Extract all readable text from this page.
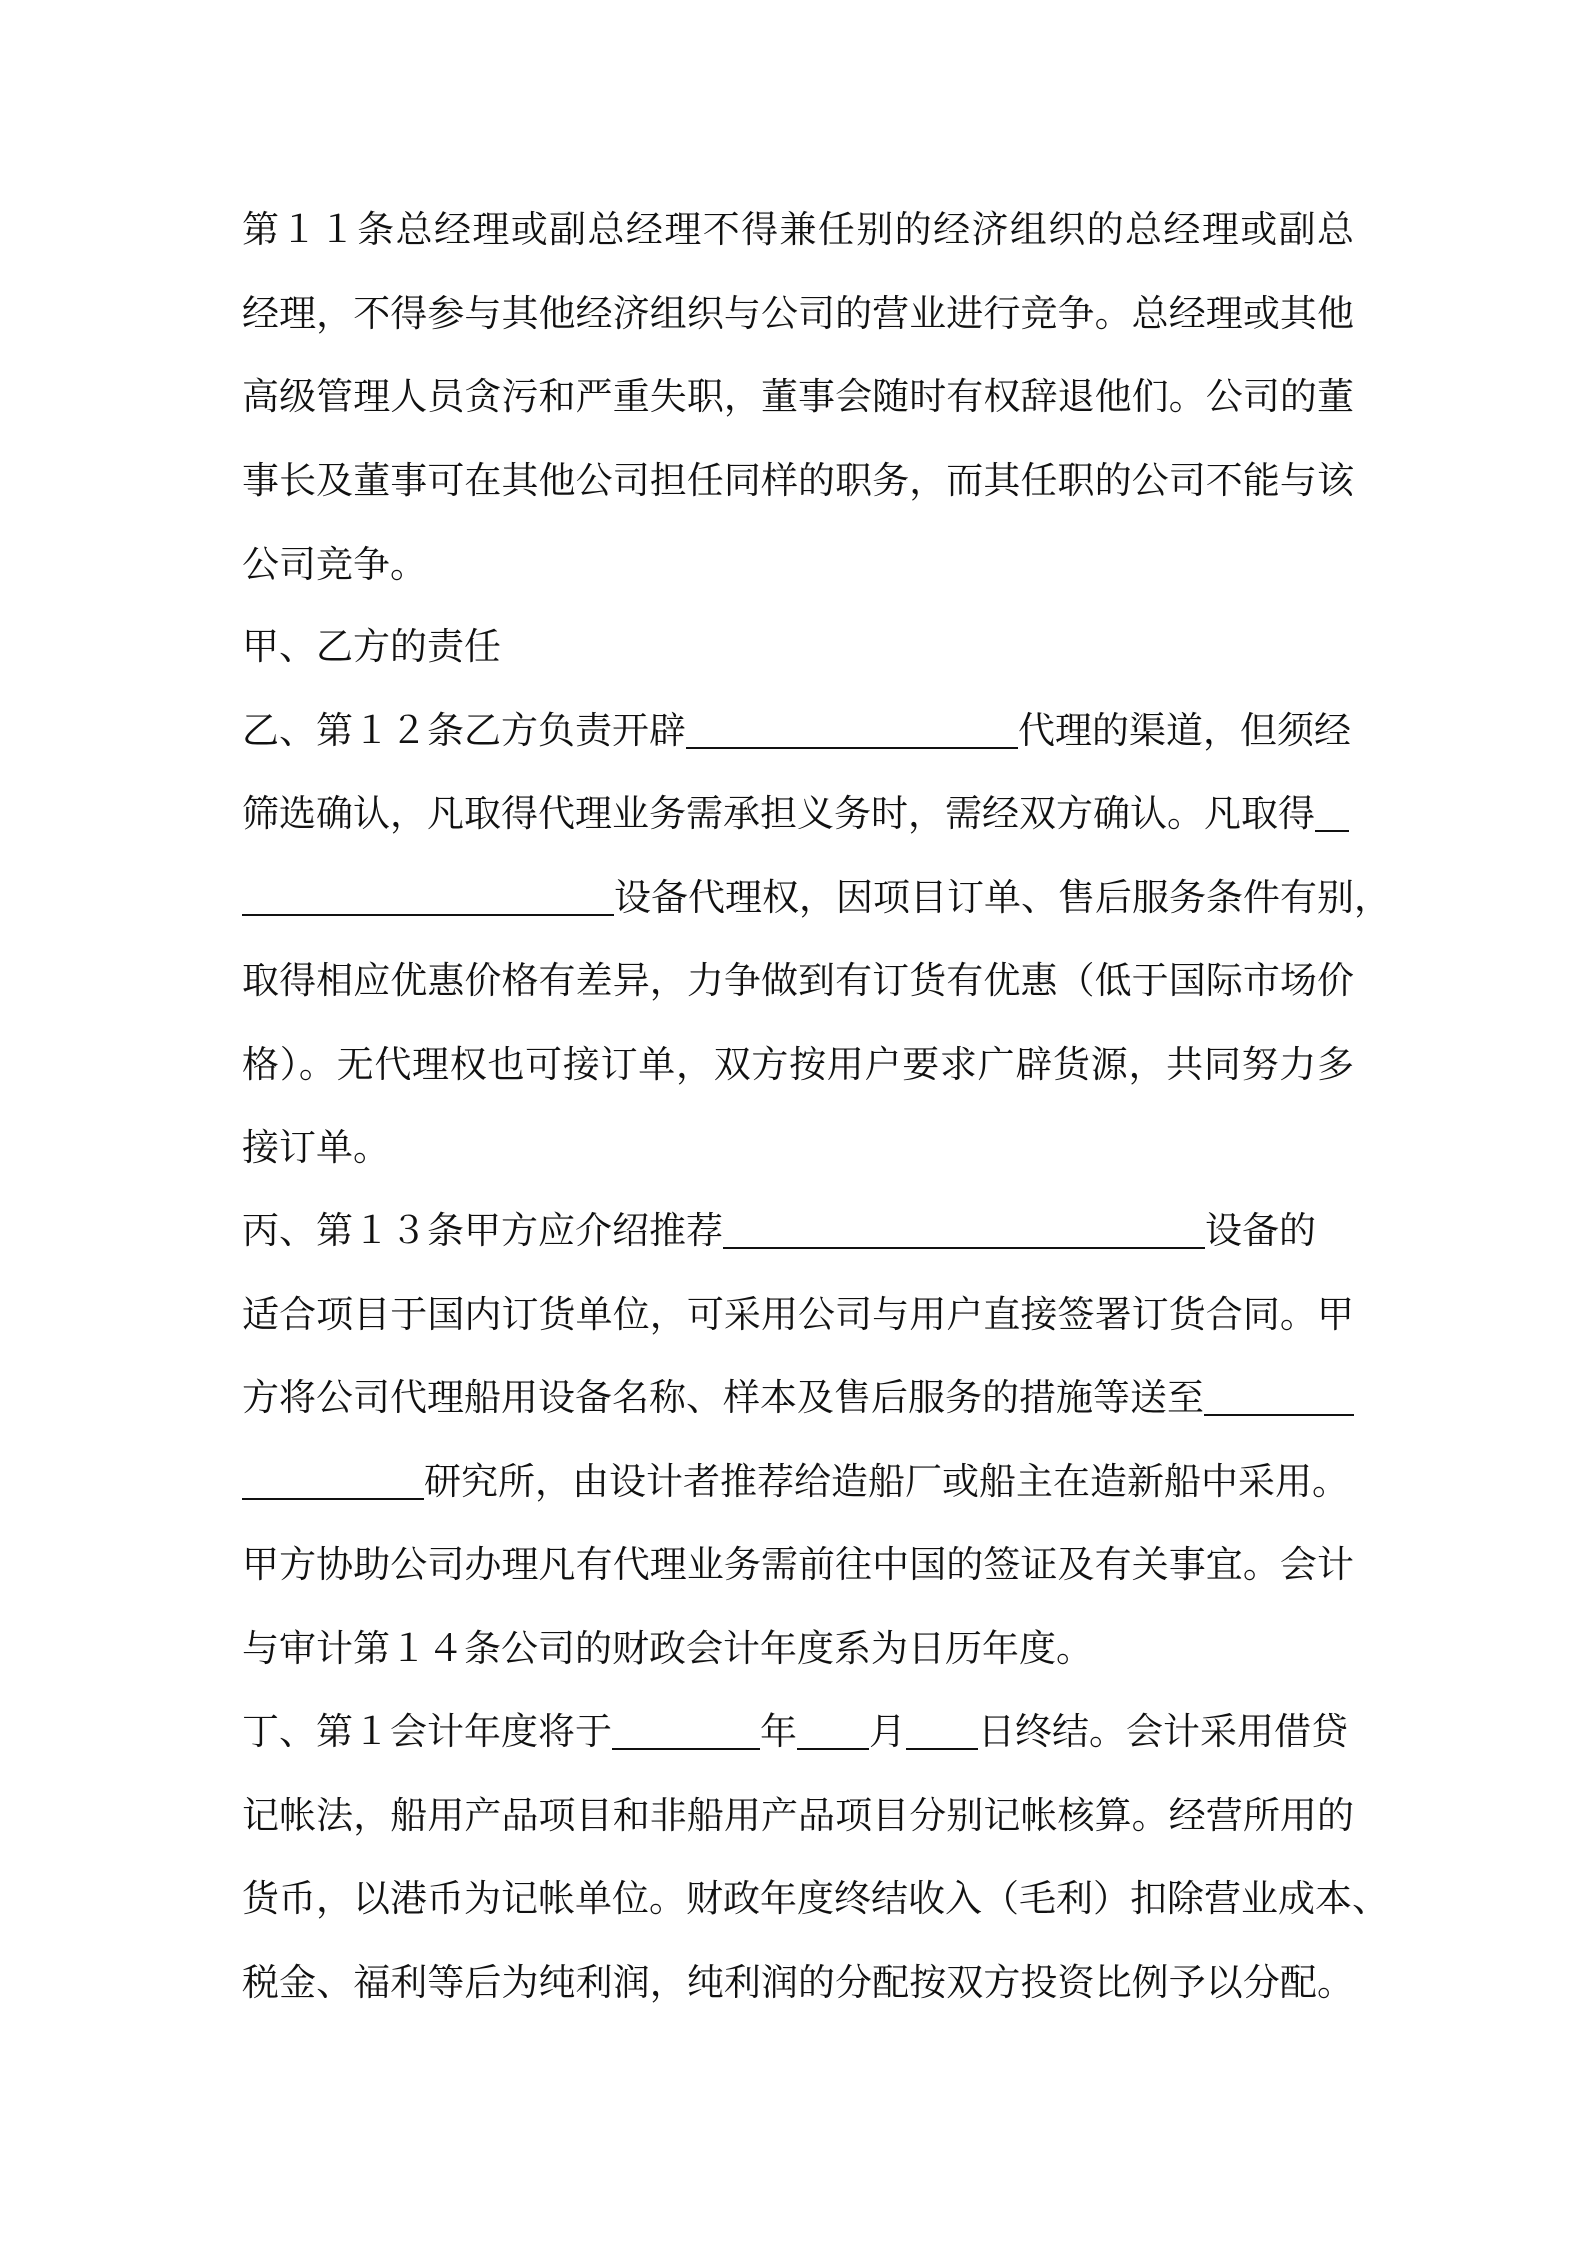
第１１条总经理或副总经理不得兼任别的经济组织的总经理或副总
经理，不得参与其他经济组织与公司的营业进行竞争。总经理或其他
高级管理人员贪污和严重失职，董事会随时有权辞退他们。公司的董
事长及董事可在其他公司担任同样的职务，而其任职的公司不能与该
公司竞争。
甲、乙方的责任
乙、第１２条乙方负责开辟	代理的渠道，但须经
筛选确认，凡取得代理业务需承担义务时，需经双方确认。凡取得
设备代理权，因项目订单、售后服务条件有别，
取得相应优惠价格有差异，力争做到有订货有优惠（低于国际市场价
格）。无代理权也可接订单，双方按用户要求广辟货源，共同努力多
接订单。
丙、第１３条甲方应介绍推荐	设备的
适合项目于国内订货单位，可采用公司与用户直接签署订货合同。甲
方将公司代理船用设备名称、样本及售后服务的措施等送至
研究所，由设计者推荐给造船厂或船主在造新船中采用。
甲方协助公司办理凡有代理业务需前往中国的签证及有关事宜。会计
与审计第１４条公司的财政会计年度系为日历年度。
丁、第１会计年度将于	年 月 日终结。会计采用借贷
记帐法，船用产品项目和非船用产品项目分别记帐核算。经营所用的
货币，以港币为记帐单位。财政年度终结收入（毛利）扣除营业成本、
税金、福利等后为纯利润，纯利润的分配按双方投资比例予以分配。
